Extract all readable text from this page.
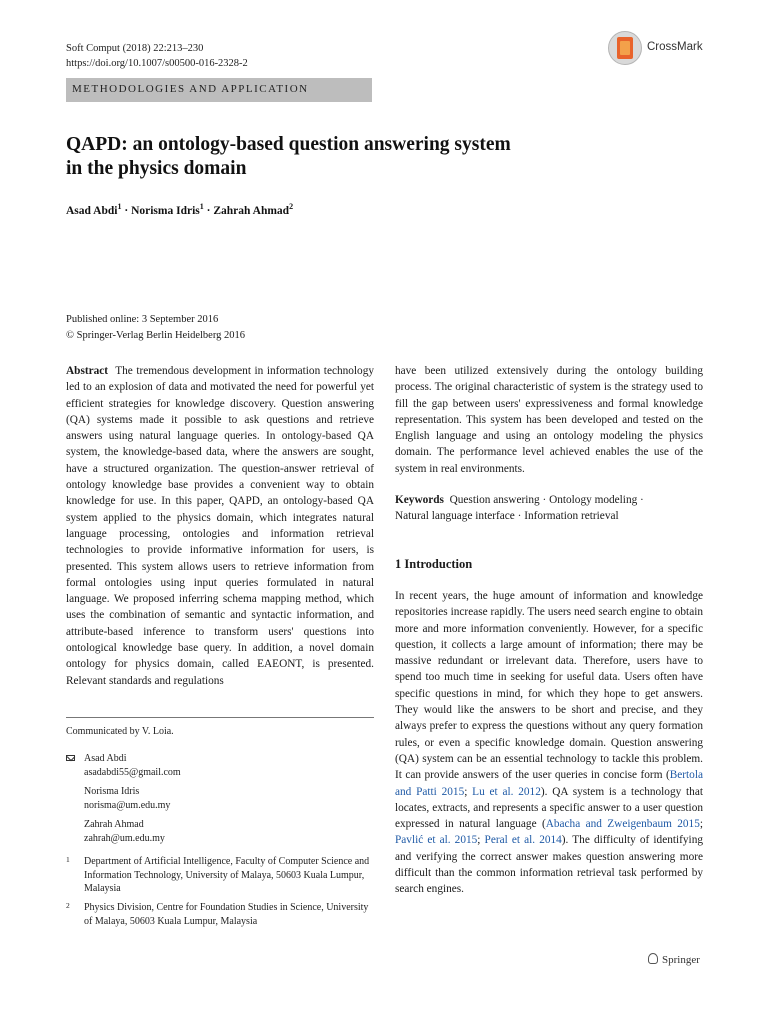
Soft Comput (2018) 22:213–230
https://doi.org/10.1007/s00500-016-2328-2
CrossMark
METHODOLOGIES AND APPLICATION
QAPD: an ontology-based question answering system
in the physics domain
Asad Abdi$^1$ · Norisma Idris$^1$ · Zahrah Ahmad$^2$
Published online: 3 September 2016
© Springer-Verlag Berlin Heidelberg 2016
Abstract The tremendous development in information technology led to an explosion of data and motivated the need for powerful yet efficient strategies for knowledge discovery. Question answering (QA) systems made it possible to ask questions and retrieve answers using natural language queries. In ontology-based QA system, the knowledge-based data, where the answers are sought, have a structured organization. The question-answer retrieval of ontology knowledge base provides a convenient way to obtain knowledge for use. In this paper, QAPD, an ontology-based QA system applied to the physics domain, which integrates natural language processing, ontologies and information retrieval technologies to provide informative information for users, is presented. This system allows users to retrieve information from formal ontologies using input queries formulated in natural language. We proposed inferring schema mapping method, which uses the combination of semantic and syntactic information, and attribute-based inference to transform users' questions into ontological knowledge base query. In addition, a novel domain ontology for physics domain, called EAEONT, is presented. Relevant standards and regulations
have been utilized extensively during the ontology building process. The original characteristic of system is the strategy used to fill the gap between users' expressiveness and formal knowledge representation. This system has been developed and tested on the English language and using an ontology modeling the physics domain. The performance level achieved enables the use of the system in real environments.
Keywords Question answering · Ontology modeling ·
Natural language interface · Information retrieval
1 Introduction
In recent years, the huge amount of information and knowledge repositories increase rapidly. The users need search engine to obtain more and more information conveniently. However, for a specific question, it collects a large amount of information; there may be massive redundant or irrelevant data. Therefore, users have to spend too much time in seeking for useful data. Users often have specific questions in mind, for which they hope to get answers. They would like the answers to be short and precise, and they always prefer to express the questions without any query formation rules, or even a specific knowledge domain. Question answering (QA) system can be an essential technology to tackle this problem. It can provide answers of the user queries in concise form (Bertola and Patti 2015; Lu et al. 2012). QA system is a technology that locates, extracts, and represents a specific answer to a user question expressed in natural language (Abacha and Zweigenbaum 2015; Pavlić et al. 2015; Peral et al. 2014). The difficulty of identifying and verifying the correct answer makes question answering more difficult than the common information retrieval task performed by search engines.
Communicated by V. Loia.
Asad Abdi
asadabdi55@gmail.com
Norisma Idris
norisma@um.edu.my
Zahrah Ahmad
zahrah@um.edu.my
1 Department of Artificial Intelligence, Faculty of Computer Science and Information Technology, University of Malaya, 50603 Kuala Lumpur, Malaysia
2 Physics Division, Centre for Foundation Studies in Science, University of Malaya, 50603 Kuala Lumpur, Malaysia
Springer
